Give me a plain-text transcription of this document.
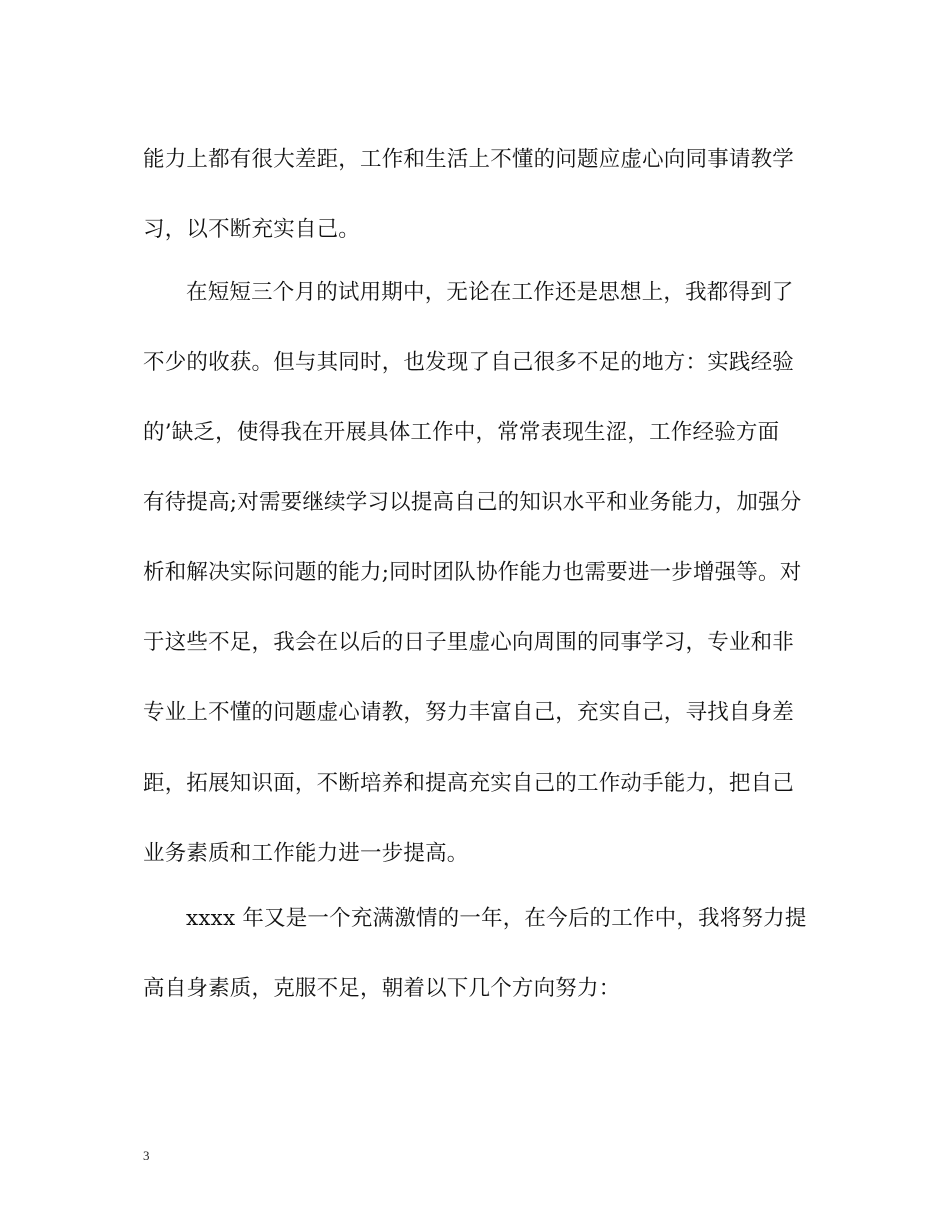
能力上都有很大差距，工作和生活上不懂的问题应虚心向同事请教学
习，以不断充实自己。
在短短三个月的试用期中，无论在工作还是思想上，我都得到了
不少的收获。但与其同时，也发现了自己很多不足的地方：实践经验
的’缺乏，使得我在开展具体工作中，常常表现生涩，工作经验方面
有待提高;对需要继续学习以提高自己的知识水平和业务能力，加强分
析和解决实际问题的能力;同时团队协作能力也需要进一步增强等。对
于这些不足，我会在以后的日子里虚心向周围的同事学习，专业和非
专业上不懂的问题虚心请教，努力丰富自己，充实自己，寻找自身差
距，拓展知识面，不断培养和提高充实自己的工作动手能力，把自己
业务素质和工作能力进一步提高。
xxxx 年又是一个充满激情的一年，在今后的工作中，我将努力提
高自身素质，克服不足，朝着以下几个方向努力：
3
